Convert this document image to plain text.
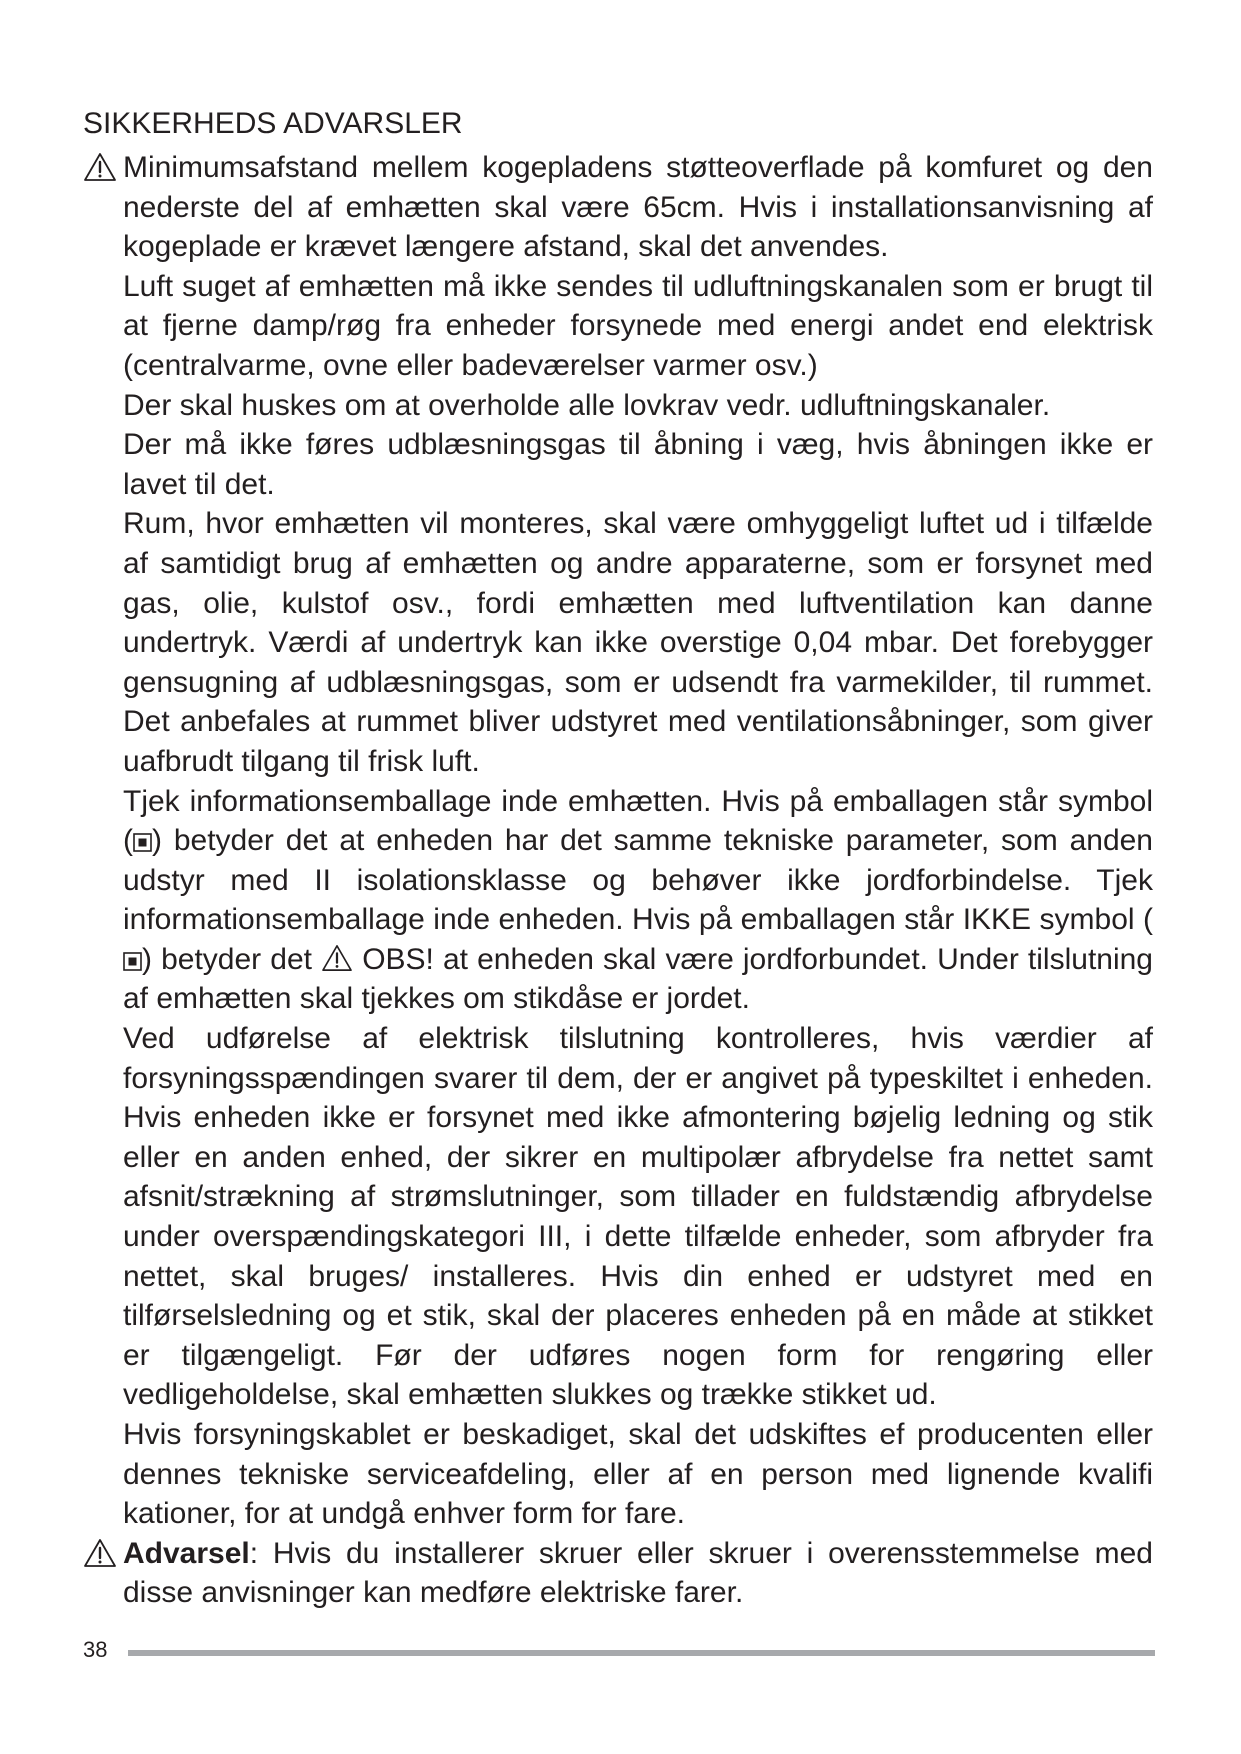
SIKKERHEDS ADVARSLER

Minimumsafstand mellem kogepladens støtteoverflade på komfuret og den nederste del af emhætten skal være 65cm. Hvis i installationsanvisning af kogeplade er krævet længere afstand, skal det anvendes.

Luft suget af emhætten må ikke sendes til udluftningskanalen som er brugt til at fjerne damp/røg fra enheder forsynede med energi andet end elektrisk (centralvarme, ovne eller badeværelser varmer osv.)

Der skal huskes om at overholde alle lovkrav vedr. udluftningskanaler.

Der må ikke føres udblæsningsgas til åbning i væg, hvis åbningen ikke er lavet til det.

Rum, hvor emhætten vil monteres, skal være omhyggeligt luftet ud i tilfælde af samtidigt brug af emhætten og andre apparaterne, som er forsynet med gas, olie, kulstof osv., fordi emhætten med luftventilation kan danne undertryk. Værdi af undertryk kan ikke overstige 0,04 mbar. Det forebygger gensugning af udblæsningsgas, som er udsendt fra varmekilder, til rummet. Det anbefales at rummet bliver udstyret med ventilationsåbninger, som giver uafbrudt tilgang til frisk luft.

Tjek informationsemballage inde emhætten. Hvis på emballagen står symbol ( ) betyder det at enheden har det samme tekniske parameter, som anden udstyr med II isolationsklasse og behøver ikke jordforbindelse. Tjek informationsemballage inde enheden. Hvis på emballagen står IKKE symbol () betyder det OBS! at enheden skal være jordforbundet. Under tilslutning af emhætten skal tjekkes om stikdåse er jordet.

Ved udførelse af elektrisk tilslutning kontrolleres, hvis værdier af forsyningsspændingen svarer til dem, der er angivet på typeskiltet i enheden. Hvis enheden ikke er forsynet med ikke afmontering bøjelig ledning og stik eller en anden enhed, der sikrer en multipolær afbrydelse fra nettet samt afsnit/strækning af strømslutninger, som tillader en fuldstændig afbrydelse under overspændingskategori III, i dette tilfælde enheder, som afbryder fra nettet, skal bruges/ installeres. Hvis din enhed er udstyret med en tilførselsledning og et stik, skal der placeres enheden på en måde at stikket er tilgængeligt. Før der udføres nogen form for rengøring eller vedligeholdelse, skal emhætten slukkes og trække stikket ud.

Hvis forsyningskablet er beskadiget, skal det udskiftes ef producenten eller dennes tekniske serviceafdeling, eller af en person med lignende kvalifi kationer, for at undgå enhver form for fare.

Advarsel: Hvis du installerer skruer eller skruer i overensstemmelse med disse anvisninger kan medføre elektriske farer.

38
